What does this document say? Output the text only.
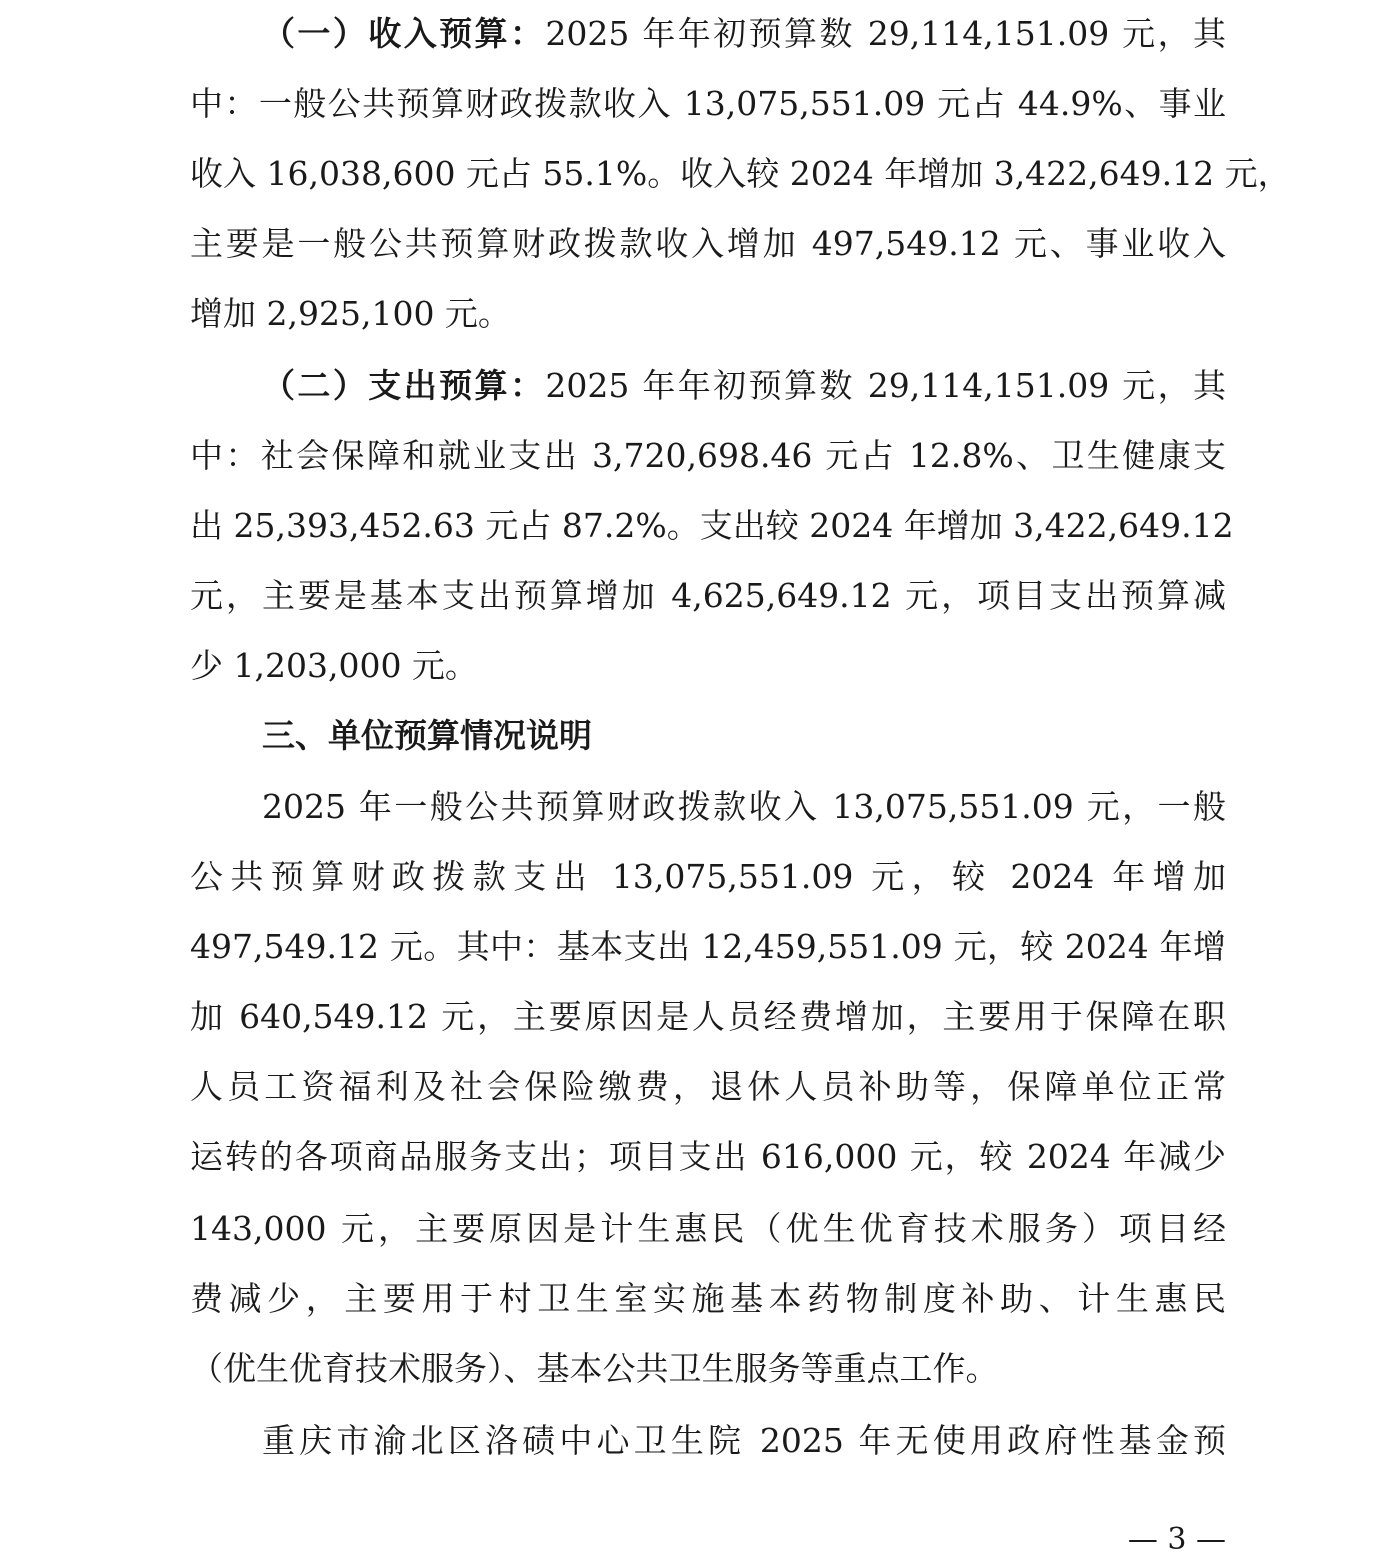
（一）收入预算：2025 年年初预算数 29,114,151.09 元，其
中：一般公共预算财政拨款收入 13,075,551.09 元占 44.9%、事业
收入 16,038,600 元占 55.1%。收入较 2024 年增加 3,422,649.12 元，
主要是一般公共预算财政拨款收入增加 497,549.12 元、事业收入
增加 2,925,100 元。
（二）支出预算：2025 年年初预算数 29,114,151.09 元，其
中：社会保障和就业支出 3,720,698.46 元占 12.8%、卫生健康支
出 25,393,452.63 元占 87.2%。支出较 2024 年增加 3,422,649.12
元，主要是基本支出预算增加 4,625,649.12 元，项目支出预算减
少 1,203,000 元。
三、单位预算情况说明
2025 年一般公共预算财政拨款收入 13,075,551.09 元，一般
公共预算财政拨款支出 13,075,551.09 元，较 2024 年增加
497,549.12 元。其中：基本支出 12,459,551.09 元，较 2024 年增
加 640,549.12 元，主要原因是人员经费增加，主要用于保障在职
人员工资福利及社会保险缴费，退休人员补助等，保障单位正常
运转的各项商品服务支出；项目支出 616,000 元，较 2024 年减少
143,000 元，主要原因是计生惠民（优生优育技术服务）项目经
费减少，主要用于村卫生室实施基本药物制度补助、计生惠民
（优生优育技术服务）、基本公共卫生服务等重点工作。
重庆市渝北区洛碛中心卫生院 2025 年无使用政府性基金预
— 3 —
